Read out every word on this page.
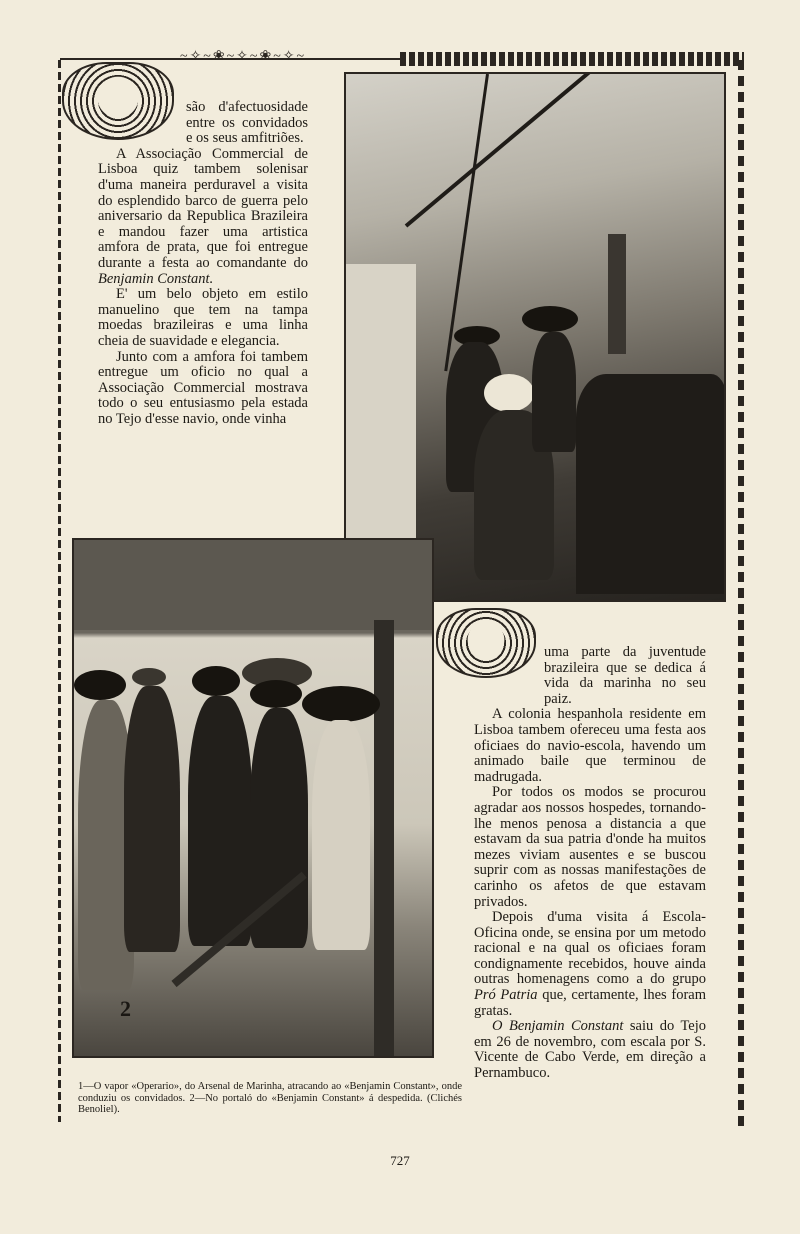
~✧~❀~✧~❀~✧~

são d'afectuosidade entre os convidados e os seus amfitriões.

A Associação Commercial de Lisboa quiz tambem solenisar d'uma maneira perduravel a visita do esplendido barco de guerra pelo aniversario da Republica Brazileira e mandou fazer uma artistica amfora de prata, que foi entregue durante a festa ao comandante do Benjamin Constant.

E' um belo objeto em estilo manuelino que tem na tampa moedas brazileiras e uma linha cheia de suavidade e elegancia.

Junto com a amfora foi tambem entregue um oficio no qual a Associação Commercial mostrava todo o seu entusiasmo pela estada no Tejo d'esse navio, onde vinha

2

uma parte da juventude brazileira que se dedica á vida da marinha no seu paiz.

A colonia hespanhola residente em Lisboa tambem ofereceu uma festa aos oficiaes do navio-escola, havendo um animado baile que terminou de madrugada.

Por todos os modos se procurou agradar aos nossos hospedes, tornando-lhe menos penosa a distancia a que estavam da sua patria d'onde ha muitos mezes viviam ausentes e se buscou suprir com as nossas manifestações de carinho os afetos de que estavam privados.

Depois d'uma visita á Escola-Oficina onde, se ensina por um metodo racional e na qual os oficiaes foram condignamente recebidos, houve ainda outras homenagens como a do grupo Pró Patria que, certamente, lhes foram gratas.

O Benjamin Constant saiu do Tejo em 26 de novembro, com escala por S. Vicente de Cabo Verde, em direção a Pernambuco.

1—O vapor «Operario», do Arsenal de Marinha, atracando ao «Benjamin Constant», onde conduziu os convidados. 2—No portaló do «Benjamin Constant» á despedida. (Clichés Benoliel).
727
